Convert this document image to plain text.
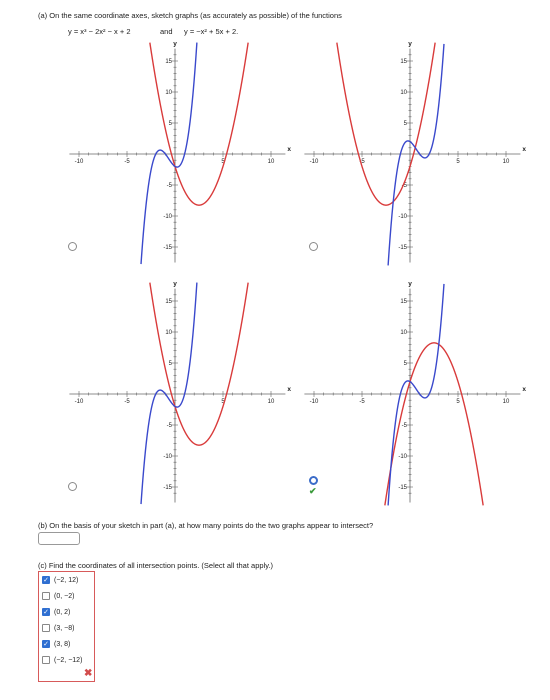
(a) On the same coordinate axes, sketch graphs (as accurately as possible) of the functions
y = x³ − 2x² − x + 2	and y = −x² + 5x + 2.
-10	-5	5	10
15
10
5
-5
-10
-15
y
x
-10	-5	5	10
15
10
5
-5
-10
-15
y
x
-10	-5	5	10
15
10
5
-5
-10
-15
y
x
-10	-5	5	10
15
10
5
-5
-10
-15
y
x
✔
(b) On the basis of your sketch in part (a), at how many points do the two graphs appear to intersect?
(c) Find the coordinates of all intersection points. (Select all that apply.)
✓ (−2, 12)
(0, −2)
✓ (0, 2)
(3, −8)
✓ (3, 8)
(−2, −12)
✖
